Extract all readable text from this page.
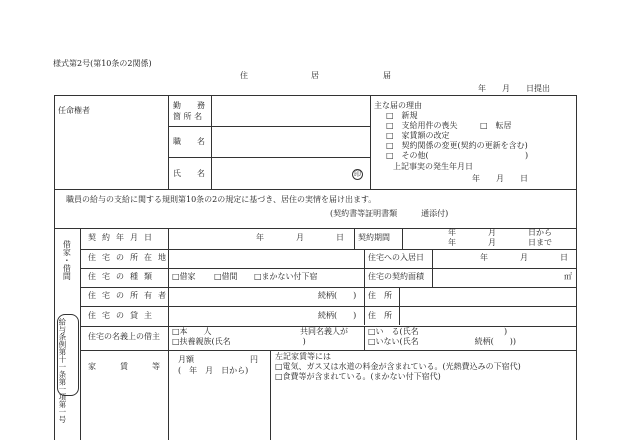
様式第2号(第10条の2関係)
住	居	届
年　　月　　日提出
任命権者
勤　　務
箇 所 名
職　　名
氏　　名	印
主な届の理由
□　新規
□　支給用件の喪失	□　転居
□　家賃額の改定
□　契約関係の変更(契約の更新を含む)
□　その他(	)
上記事実の発生年月日
年　　月　　日
職員の給与の支給に関する規則第10条の2の規定に基づき、居住の実情を届け出ます。
(契約書等証明書類　　　通添付)
借家・借間
給与条例第十一条第一項第一号
契約年月日	年　　　　月　　　　日 契約期間
年　　　　月　　　　日から
年　　　　月　　　　日まで
住宅の所在地	住宅への入居日	年　　　　月　　　　日
住宅の種類 □借家 □借間 □まかない付下宿	住宅の契約面積	㎡
住宅の所有者	続柄(　　) 住　所
住宅の貸主	続柄(　　) 住　所
住宅の名義上の借主
□本　　人	共同名義人が
□扶養親族(氏名　　　　　　　　　)
□い　る(氏名	)
□いない(氏名　　　　　　　続柄(　　))
家　　　賃　　　等
月額　　　　　　　円
(　年　月　日から)
左記家賃等には
□電気、ガス又は水道の料金が含まれている。(光熱費込みの下宿代)
□食費等が含まれている。(まかない付下宿代)
